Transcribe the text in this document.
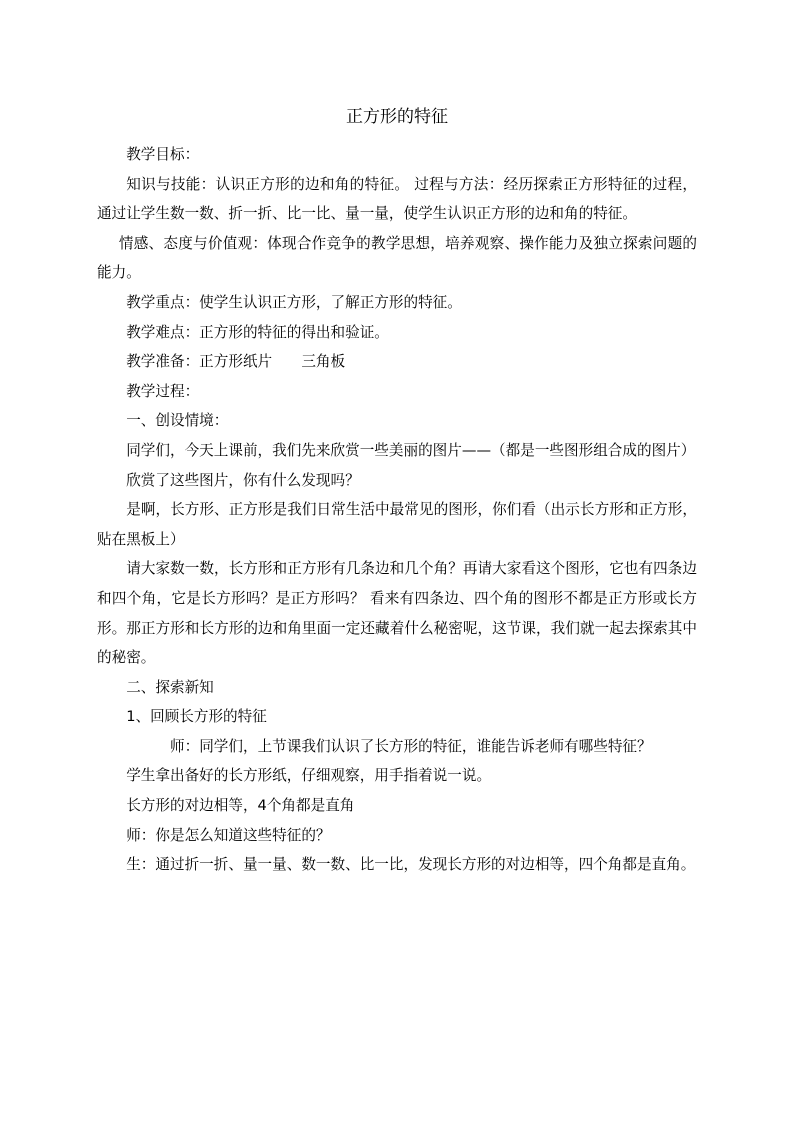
正方形的特征

教学目标：

知识与技能：认识正方形的边和角的特征。 过程与方法：经历探索正方形特征的过程，通过让学生数一数、折一折、比一比、量一量，使学生认识正方形的边和角的特征。

情感、态度与价值观：体现合作竞争的教学思想，培养观察、操作能力及独立探索问题的能力。

教学重点：使学生认识正方形，了解正方形的特征。

教学难点：正方形的特征的得出和验证。

教学准备：正方形纸片　　三角板

教学过程：

一、创设情境：

同学们，今天上课前，我们先来欣赏一些美丽的图片——（都是一些图形组合成的图片）

欣赏了这些图片，你有什么发现吗？

是啊，长方形、正方形是我们日常生活中最常见的图形，你们看（出示长方形和正方形，贴在黑板上）

请大家数一数，长方形和正方形有几条边和几个角？再请大家看这个图形，它也有四条边和四个角，它是长方形吗？是正方形吗？ 看来有四条边、四个角的图形不都是正方形或长方形。那正方形和长方形的边和角里面一定还藏着什么秘密呢，这节课，我们就一起去探索其中的秘密。

二、探索新知

1、回顾长方形的特征

师：同学们，上节课我们认识了长方形的特征，谁能告诉老师有哪些特征？

学生拿出备好的长方形纸，仔细观察，用手指着说一说。

长方形的对边相等，4个角都是直角

师：你是怎么知道这些特征的？

生：通过折一折、量一量、数一数、比一比，发现长方形的对边相等，四个角都是直角。
